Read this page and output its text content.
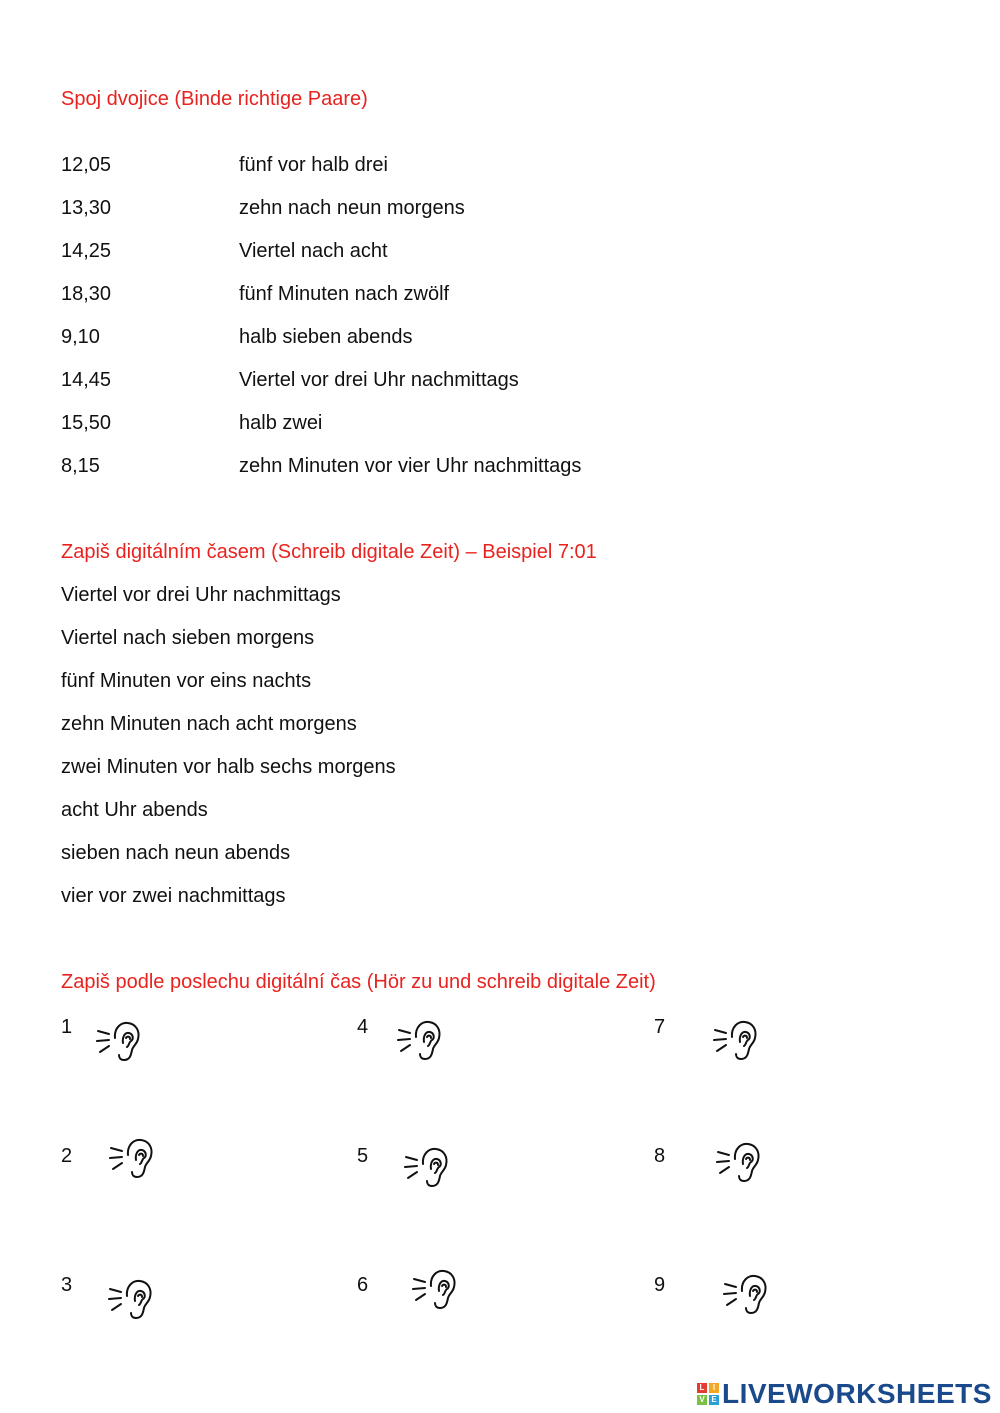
Spoj dvojice (Binde richtige Paare)
12,05	fünf vor halb drei
13,30	zehn nach neun morgens
14,25	Viertel nach acht
18,30	fünf Minuten nach zwölf
9,10	halb sieben abends
14,45	Viertel vor drei Uhr nachmittags
15,50	halb zwei
8,15	zehn Minuten vor vier Uhr nachmittags
Zapiš digitálním časem (Schreib digitale Zeit) – Beispiel 7:01
Viertel vor drei Uhr nachmittags
Viertel nach sieben morgens
fünf Minuten vor eins nachts
zehn Minuten nach acht morgens
zwei Minuten vor halb sechs morgens
acht Uhr abends
sieben nach neun abends
vier vor zwei nachmittags
Zapiš podle poslechu digitální čas (Hör zu und schreib digitale Zeit)
1
2
3
4
5
6
7
8
9
L	I
V E LIVEWORKSHEETS
